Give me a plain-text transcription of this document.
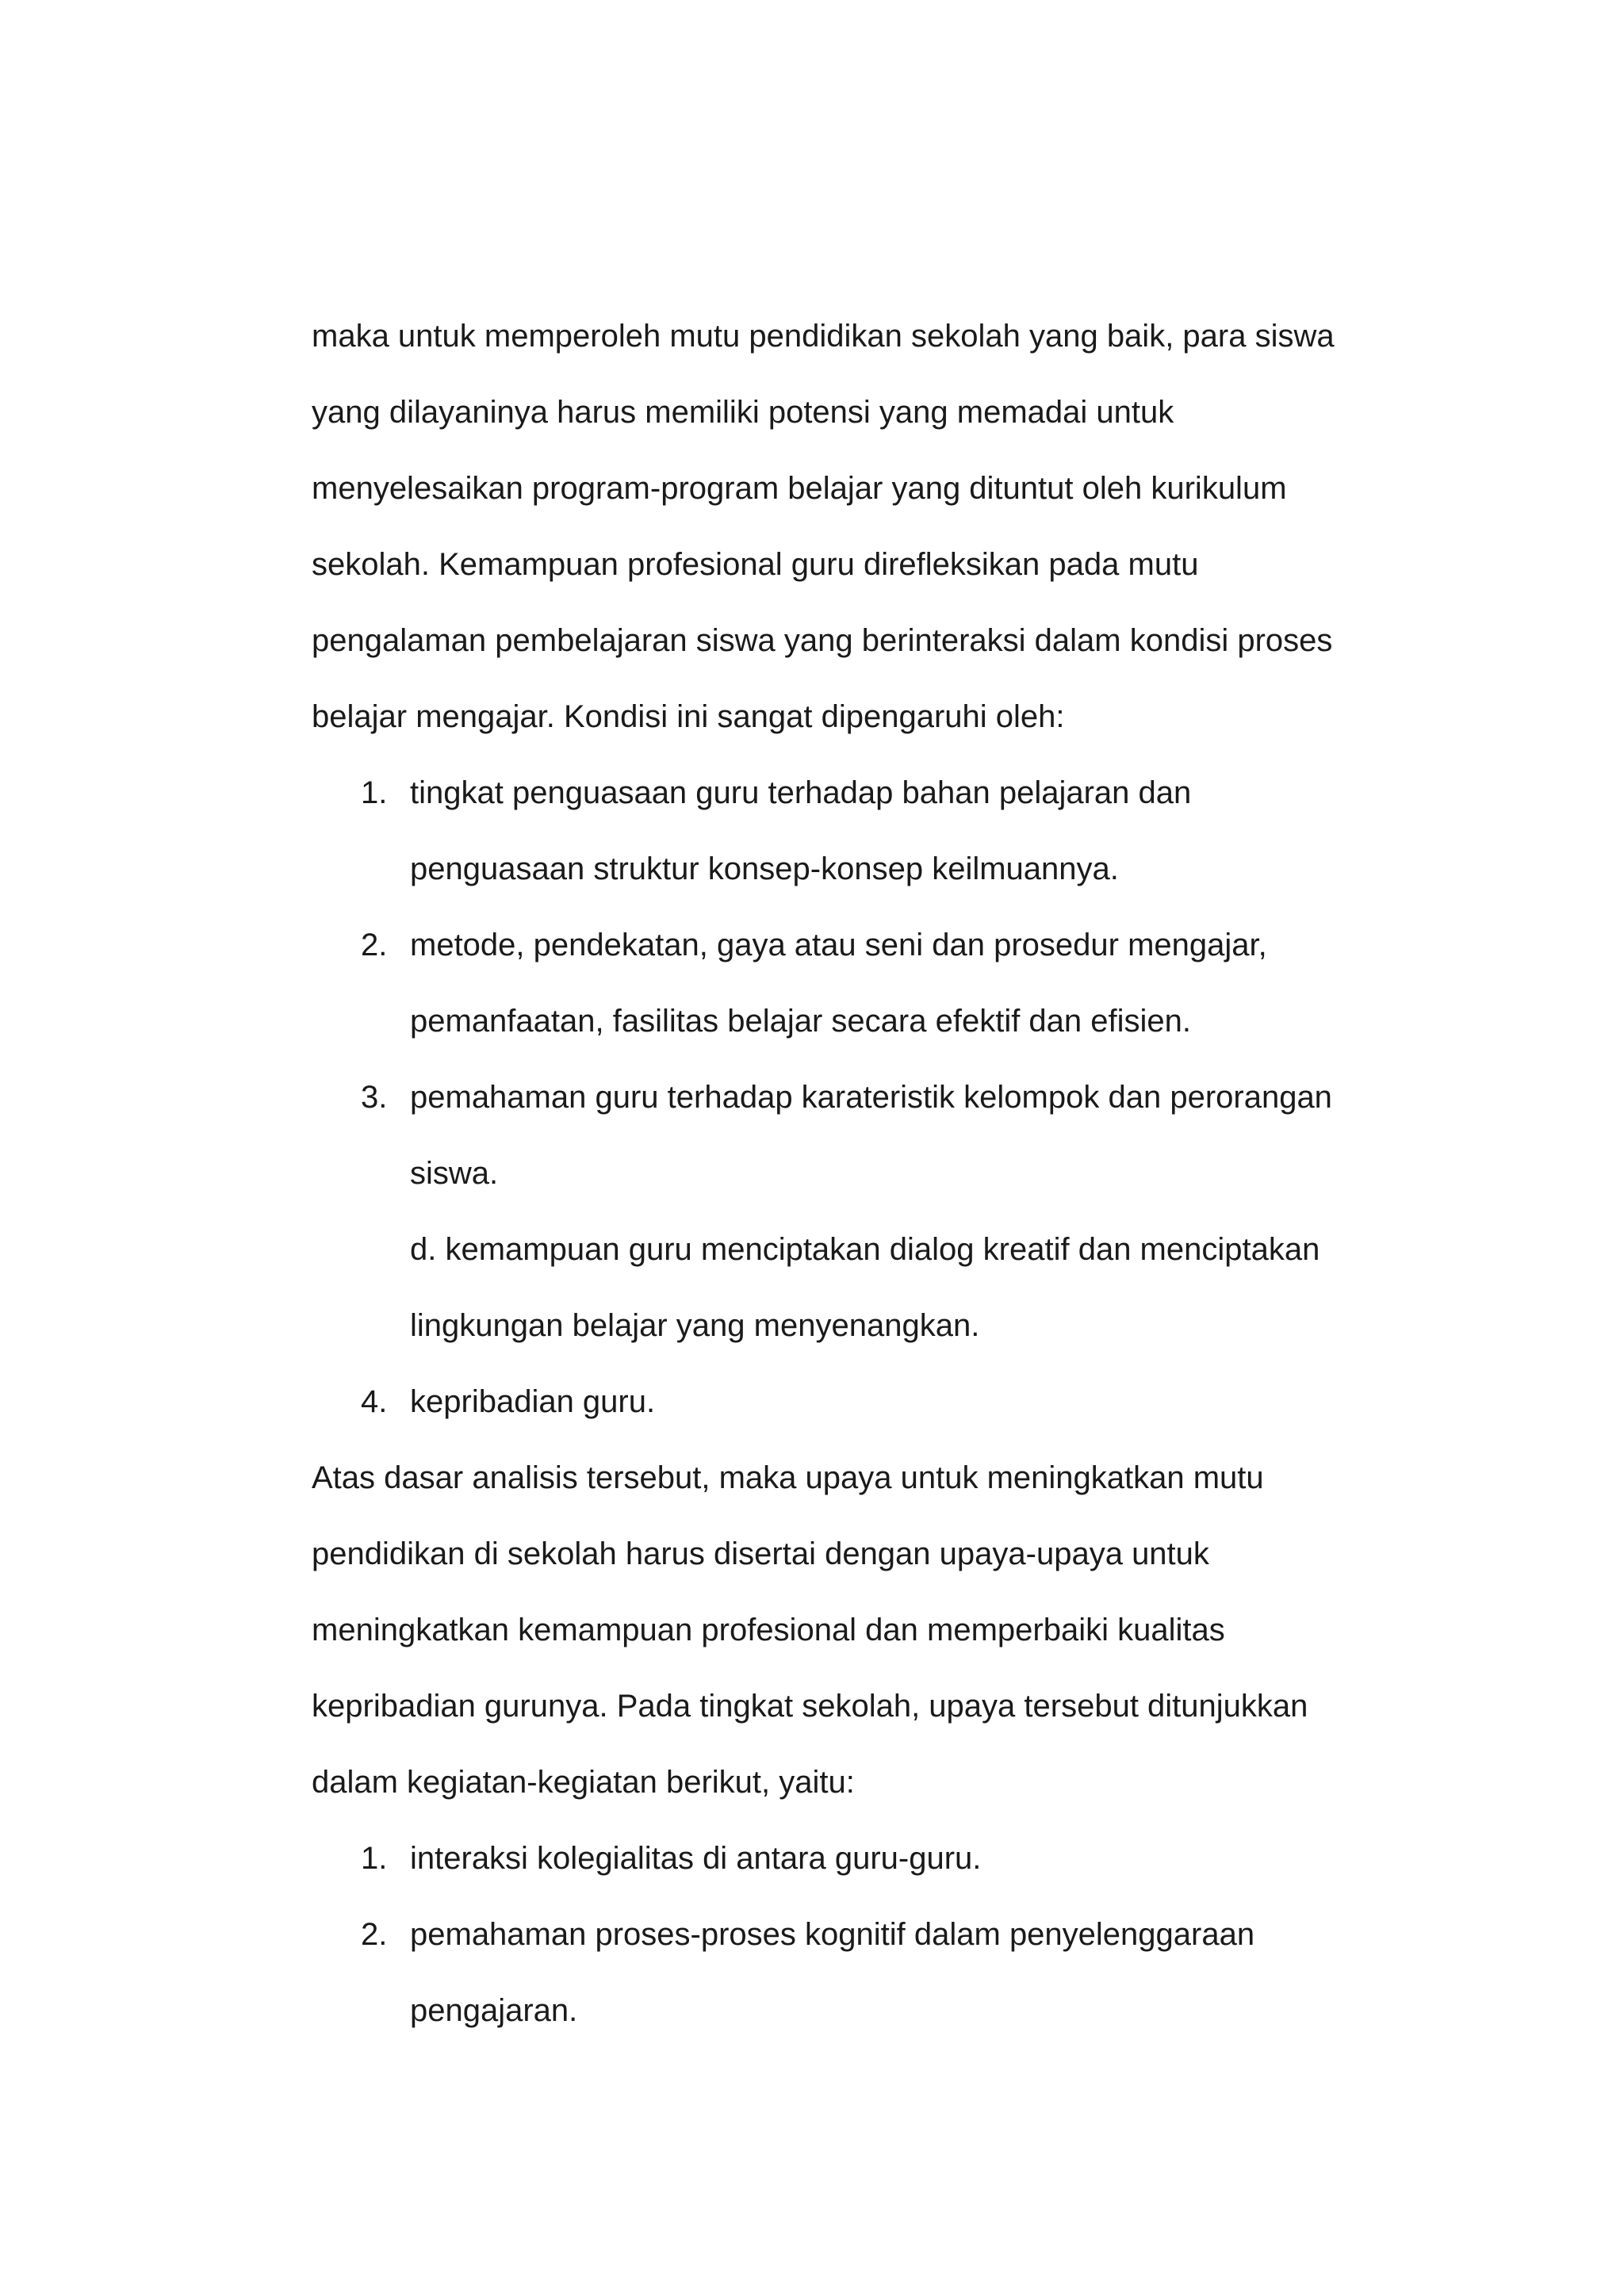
maka untuk memperoleh mutu pendidikan sekolah yang baik, para siswa
yang dilayaninya harus memiliki potensi yang memadai untuk
menyelesaikan program-program belajar yang dituntut oleh kurikulum
sekolah. Kemampuan profesional guru direfleksikan pada mutu
pengalaman pembelajaran siswa yang berinteraksi dalam kondisi proses
belajar mengajar. Kondisi ini sangat dipengaruhi oleh:

1. tingkat penguasaan guru terhadap bahan pelajaran dan
penguasaan struktur konsep-konsep keilmuannya.
2. metode, pendekatan, gaya atau seni dan prosedur mengajar,
pemanfaatan, fasilitas belajar secara efektif dan efisien.
3. pemahaman guru terhadap karateristik kelompok dan perorangan
siswa.
d. kemampuan guru menciptakan dialog kreatif dan menciptakan
lingkungan belajar yang menyenangkan.
4. kepribadian guru.

Atas dasar analisis tersebut, maka upaya untuk meningkatkan mutu
pendidikan di sekolah harus disertai dengan upaya-upaya untuk
meningkatkan kemampuan profesional dan memperbaiki kualitas
kepribadian gurunya. Pada tingkat sekolah, upaya tersebut ditunjukkan
dalam kegiatan-kegiatan berikut, yaitu:

1. interaksi kolegialitas di antara guru-guru.
2. pemahaman proses-proses kognitif dalam penyelenggaraan
pengajaran.
